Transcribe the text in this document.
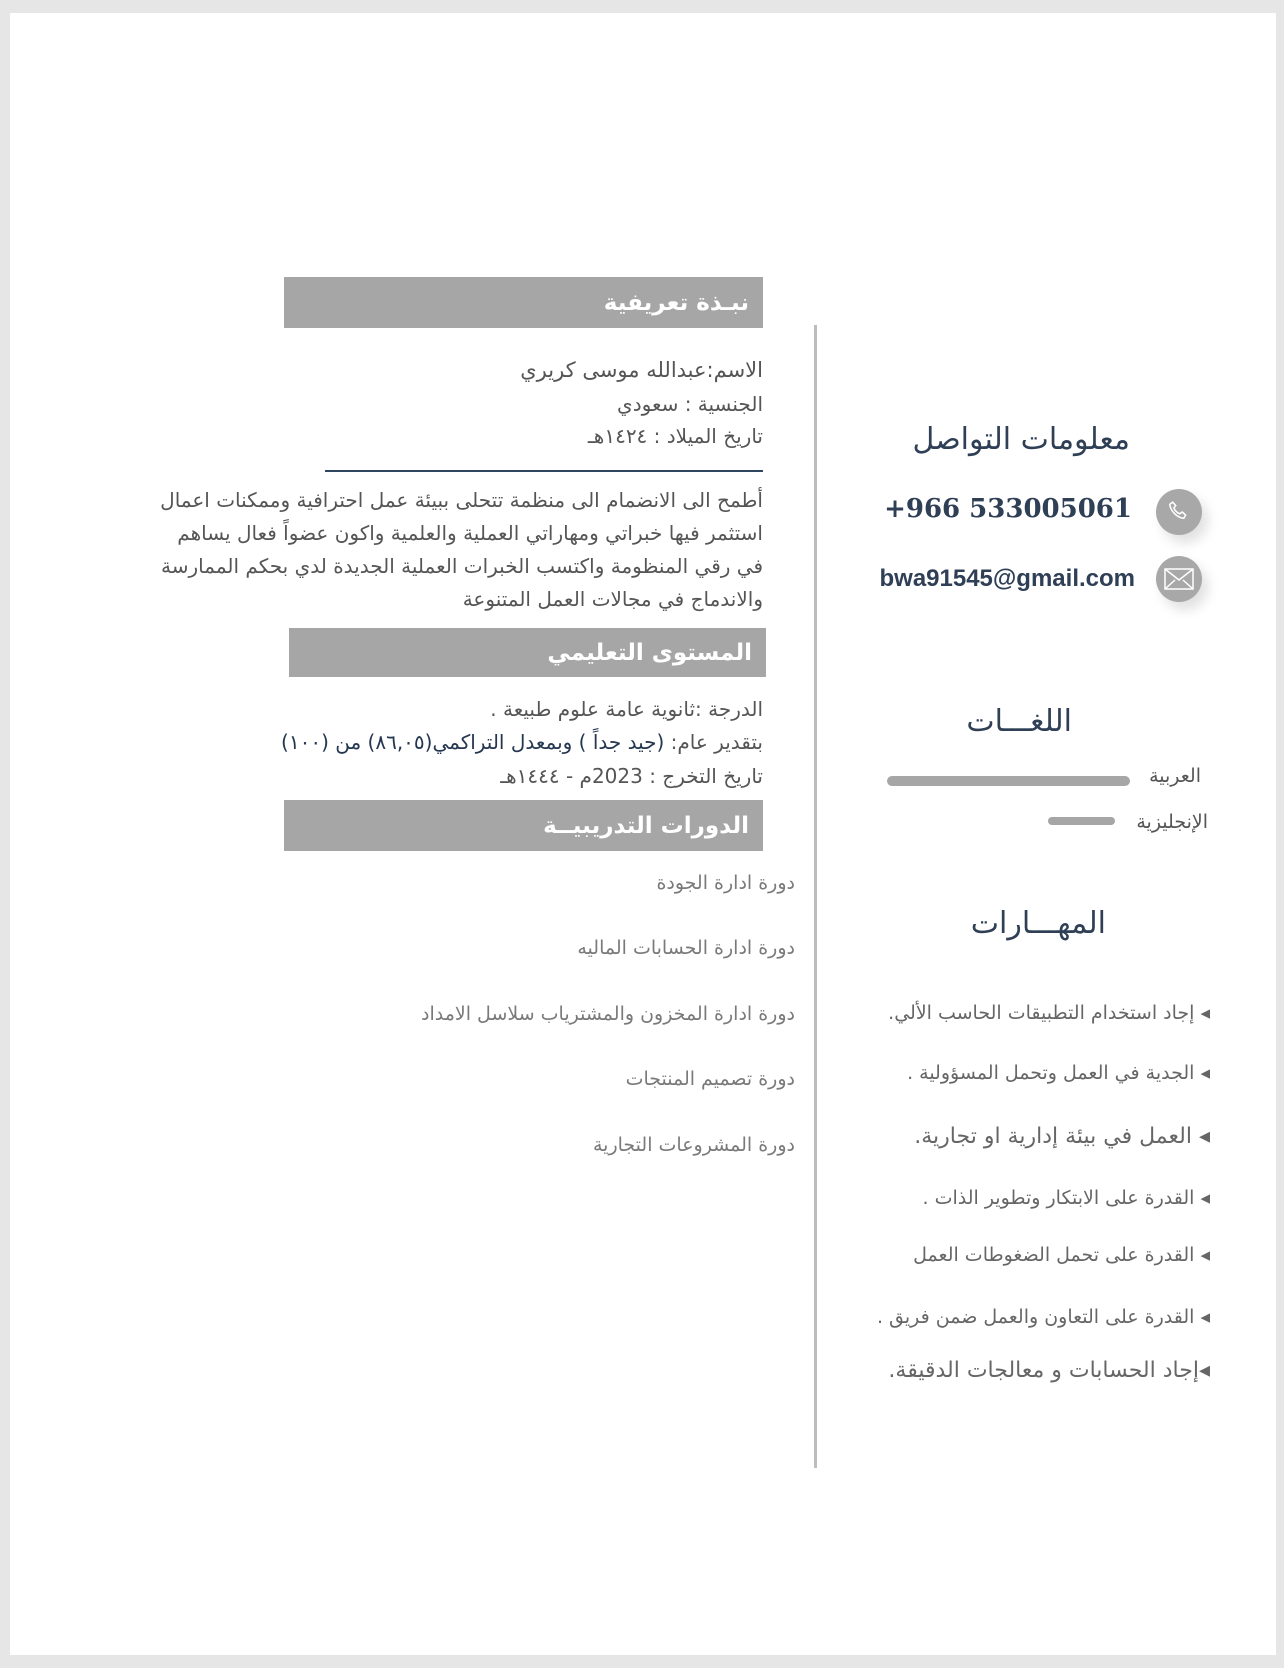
نبـذة تعريفية
الاسم:عبدالله موسى كريري
الجنسية : سعودي
تاريخ الميلاد : ١٤٢٤هـ
أطمح الى الانضمام الى منظمة تتحلى ببيئة عمل احترافية وممكنات اعمال
استثمر فيها خبراتي ومهاراتي العملية والعلمية واكون عضواً فعال يساهم
في رقي المنظومة واكتسب الخبرات العملية الجديدة لدي بحكم الممارسة
والاندماج في مجالات العمل المتنوعة
المستوى التعليمي
الدرجة :ثانوية عامة علوم طبيعة .
بتقدير عام: (جيد جداً ) وبمعدل التراكمي(٨٦,٠٥) من (١٠٠)
تاريخ التخرج : 2023م - ١٤٤٤هـ
الدورات التدريبيــة
دورة ادارة الجودة
دورة ادارة الحسابات الماليه
دورة ادارة المخزون والمشترياب سلاسل الامداد
دورة تصميم المنتجات
دورة المشروعات التجارية
معلومات التواصل
+966 533005061
bwa91545@gmail.com
اللغـــات
العربية
الإنجليزية
المهـــارات
◂ إجاد استخدام التطبيقات الحاسب الألي.
◂ الجدية في العمل وتحمل المسؤولية .
◂ العمل في بيئة إدارية او تجارية.
◂ القدرة على الابتكار وتطوير الذات .
◂ القدرة على تحمل الضغوطات العمل
◂ القدرة على التعاون والعمل ضمن فريق .
◂إجاد الحسابات و معالجات الدقيقة.
